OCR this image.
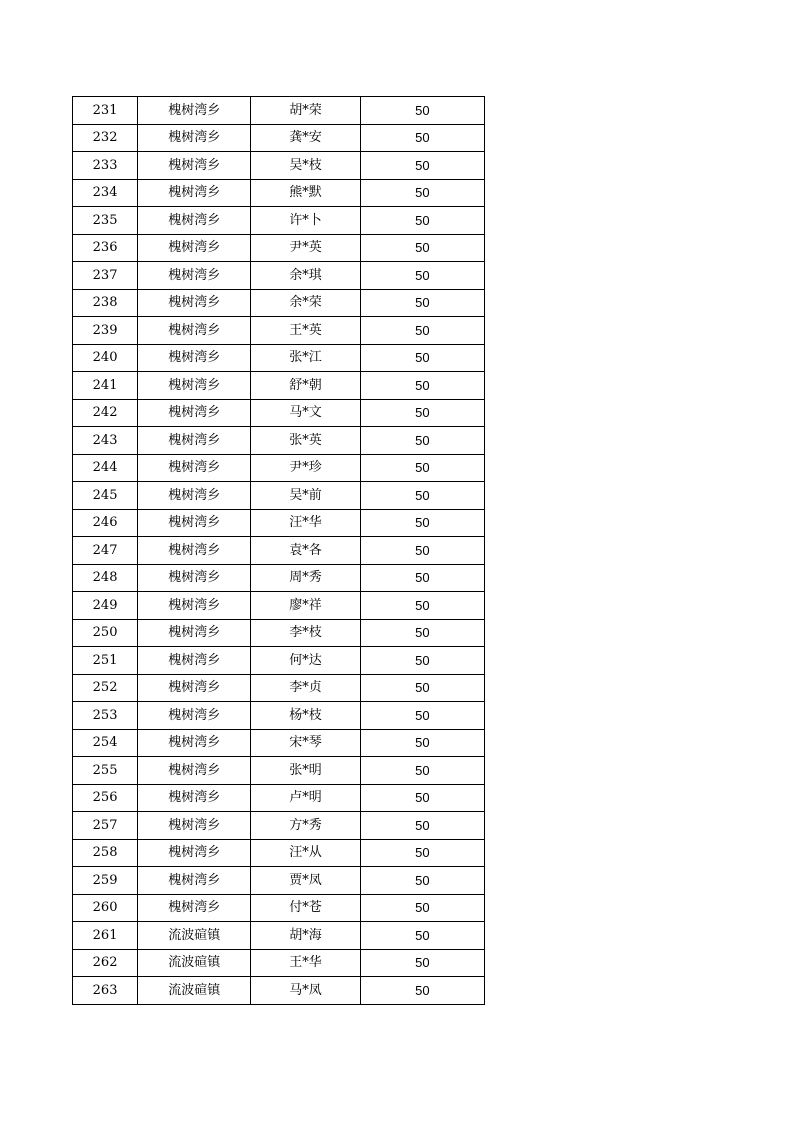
231	槐树湾乡	胡*荣	50
232	槐树湾乡	龚*安	50
233	槐树湾乡	吴*枝	50
234	槐树湾乡	熊*默	50
235	槐树湾乡	许*卜	50
236	槐树湾乡	尹*英	50
237	槐树湾乡	余*琪	50
238	槐树湾乡	余*荣	50
239	槐树湾乡	王*英	50
240	槐树湾乡	张*江	50
241	槐树湾乡	舒*朝	50
242	槐树湾乡	马*文	50
243	槐树湾乡	张*英	50
244	槐树湾乡	尹*珍	50
245	槐树湾乡	吴*前	50
246	槐树湾乡	汪*华	50
247	槐树湾乡	袁*各	50
248	槐树湾乡	周*秀	50
249	槐树湾乡	廖*祥	50
250	槐树湾乡	李*枝	50
251	槐树湾乡	何*达	50
252	槐树湾乡	李*贞	50
253	槐树湾乡	杨*枝	50
254	槐树湾乡	宋*琴	50
255	槐树湾乡	张*明	50
256	槐树湾乡	卢*明	50
257	槐树湾乡	方*秀	50
258	槐树湾乡	汪*从	50
259	槐树湾乡	贾*凤	50
260	槐树湾乡	付*苍	50
261	流波碹镇	胡*海	50
262	流波碹镇	王*华	50
263	流波碹镇	马*凤	50
